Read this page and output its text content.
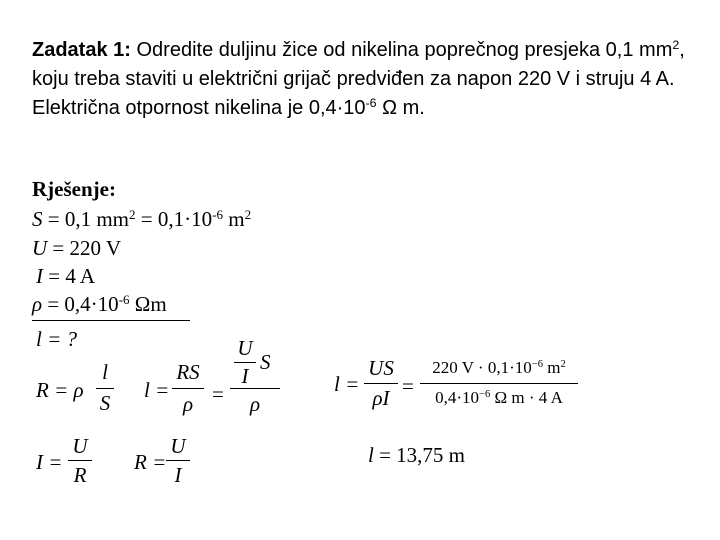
Zadatak 1: Odredite duljinu žice od nikelina poprečnog presjeka 0,1 $mm^2$, koju treba staviti u električni grijač predviđen za napon 220 V i struju 4 A. Električna otpornost nikelina je $0,4\cdot 10^{-6}$ Ω m.
Rješenje:
S = 0,1 $mm^2 = 0,1\cdot 10^{-6}$ $m^2$
U = 220 V
I = 4 A
$\rho = 0,4\cdot 10^{-6}$ Ωm
l = ?
R = ρ
l
S
l =
RS
ρ =
U
I
S
ρ
l =
US
ρI =
220 $V \cdot 0,1\cdot 10^{-6}$ $m^2$
$0,4\cdot 10^{-6}$ Ω m · 4 A
I =
U
R
R =
U
I
l = 13,75 m
